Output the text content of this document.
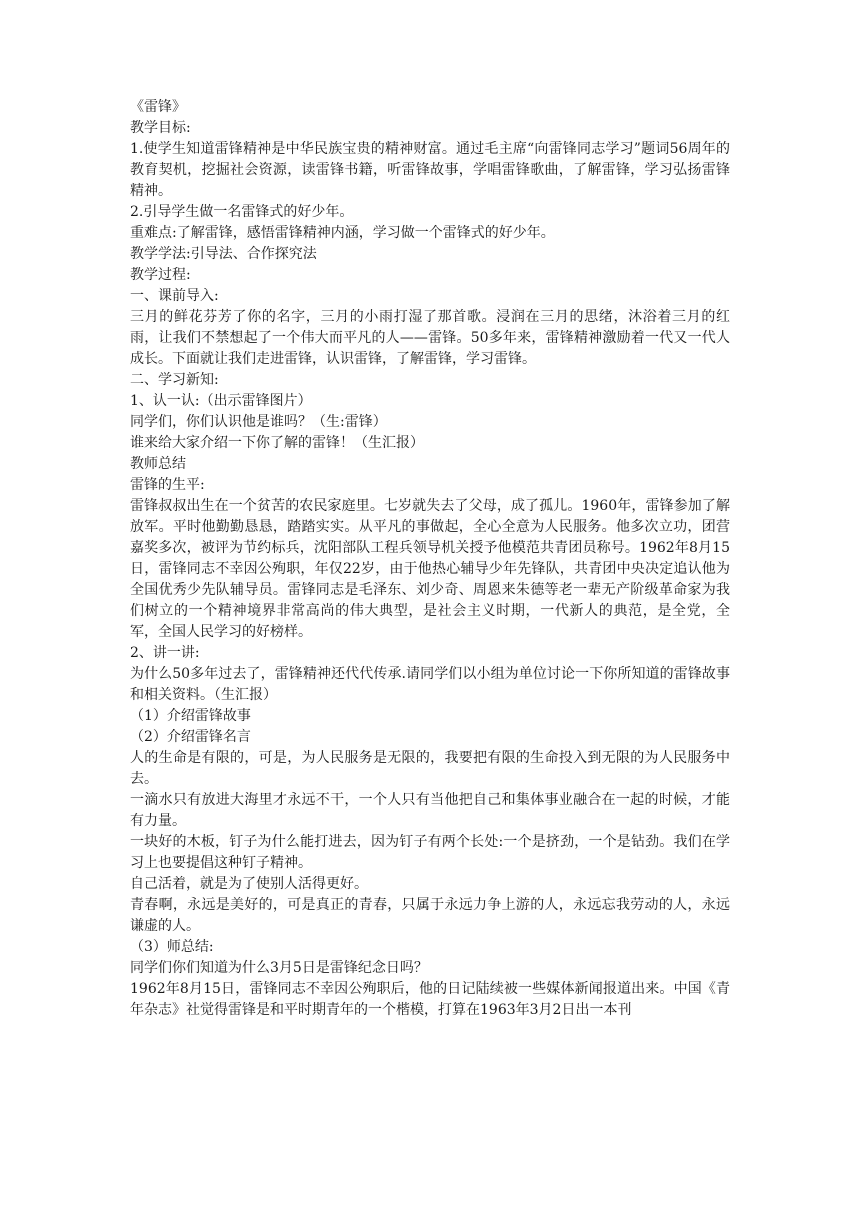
《雷锋》

教学目标:

1.使学生知道雷锋精神是中华民族宝贵的精神财富。通过毛主席“向雷锋同志学习”题词56周年的教育契机，挖掘社会资源，读雷锋书籍，听雷锋故事，学唱雷锋歌曲，了解雷锋，学习弘扬雷锋精神。

2.引导学生做一名雷锋式的好少年。

重难点:了解雷锋，感悟雷锋精神内涵，学习做一个雷锋式的好少年。

教学学法:引导法、合作探究法

教学过程:

一、课前导入:

三月的鲜花芬芳了你的名字，三月的小雨打湿了那首歌。浸润在三月的思绪，沐浴着三月的红雨，让我们不禁想起了一个伟大而平凡的人——雷锋。50多年来，雷锋精神激励着一代又一代人成长。下面就让我们走进雷锋，认识雷锋，了解雷锋，学习雷锋。

二、学习新知:

1、认一认:（出示雷锋图片）

同学们，你们认识他是谁吗？（生:雷锋）

谁来给大家介绍一下你了解的雷锋！（生汇报）

教师总结

雷锋的生平:

雷锋叔叔出生在一个贫苦的农民家庭里。七岁就失去了父母，成了孤儿。1960年，雷锋参加了解放军。平时他勤勤恳恳，踏踏实实。从平凡的事做起，全心全意为人民服务。他多次立功，团营嘉奖多次，被评为节约标兵，沈阳部队工程兵领导机关授予他模范共青团员称号。1962年8月15日，雷锋同志不幸因公殉职，年仅22岁，由于他热心辅导少年先锋队，共青团中央决定追认他为全国优秀少先队辅导员。雷锋同志是毛泽东、刘少奇、周恩来朱德等老一辈无产阶级革命家为我们树立的一个精神境界非常高尚的伟大典型，是社会主义时期，一代新人的典范，是全党，全军，全国人民学习的好榜样。

2、讲一讲:

为什么50多年过去了，雷锋精神还代代传承.请同学们以小组为单位讨论一下你所知道的雷锋故事和相关资料。（生汇报）

（1）介绍雷锋故事

（2）介绍雷锋名言

人的生命是有限的，可是，为人民服务是无限的，我要把有限的生命投入到无限的为人民服务中去。

一滴水只有放进大海里才永远不干，一个人只有当他把自己和集体事业融合在一起的时候，才能有力量。

一块好的木板，钉子为什么能打进去，因为钉子有两个长处:一个是挤劲，一个是钻劲。我们在学习上也要提倡这种钉子精神。

自己活着，就是为了使别人活得更好。

青春啊，永远是美好的，可是真正的青春，只属于永远力争上游的人，永远忘我劳动的人，永远谦虚的人。

（3）师总结:

同学们你们知道为什么3月5日是雷锋纪念日吗？

1962年8月15日，雷锋同志不幸因公殉职后，他的日记陆续被一些媒体新闻报道出来。中国《青年杂志》社觉得雷锋是和平时期青年的一个楷模，打算在1963年3月2日出一本刊
